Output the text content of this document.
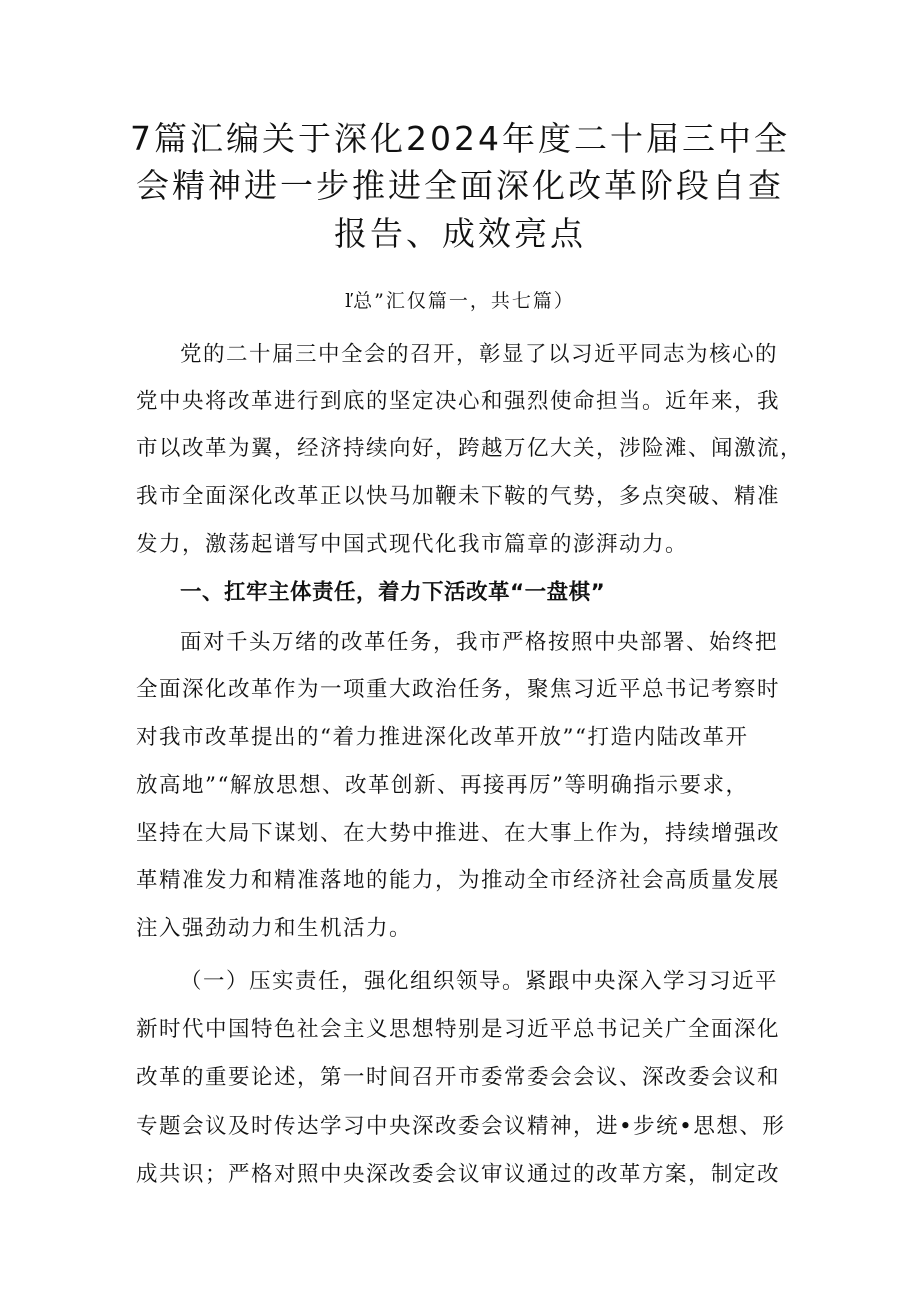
7篇汇编关于深化2024年度二十届三中全
会精神进一步推进全面深化改革阶段自查
报告、成效亮点
ľ总”汇仅篇一，共七篇）
党的二十届三中全会的召开，彰显了以习近平同志为核心的
党中央将改革进行到底的坚定决心和强烈使命担当。近年来，我
市以改革为翼，经济持续向好，跨越万亿大关，涉险滩、闻激流，
我市全面深化改革正以快马加鞭未下鞍的气势，多点突破、精准
发力，激荡起谱写中国式现代化我市篇章的澎湃动力。
一、扛牢主体责任，着力下活改革“一盘棋”
面对千头万绪的改革任务，我市严格按照中央部署、始终把
全面深化改革作为一项重大政治任务，聚焦习近平总书记考察时
对我市改革提出的“着力推进深化改革开放”“打造内陆改革开
放高地”“解放思想、改革创新、再接再厉”等明确指示要求，
坚持在大局下谋划、在大势中推进、在大事上作为，持续增强改
革精准发力和精准落地的能力，为推动全市经济社会高质量发展
注入强劲动力和生机活力。
（一）压实责任，强化组织领导。紧跟中央深入学习习近平
新时代中国特色社会主义思想特别是习近平总书记关广全面深化
改革的重要论述，第一时间召开市委常委会会议、深改委会议和
专题会议及时传达学习中央深改委会议精神，进•步统•思想、形
成共识；严格对照中央深改委会议审议通过的改革方案，制定改
